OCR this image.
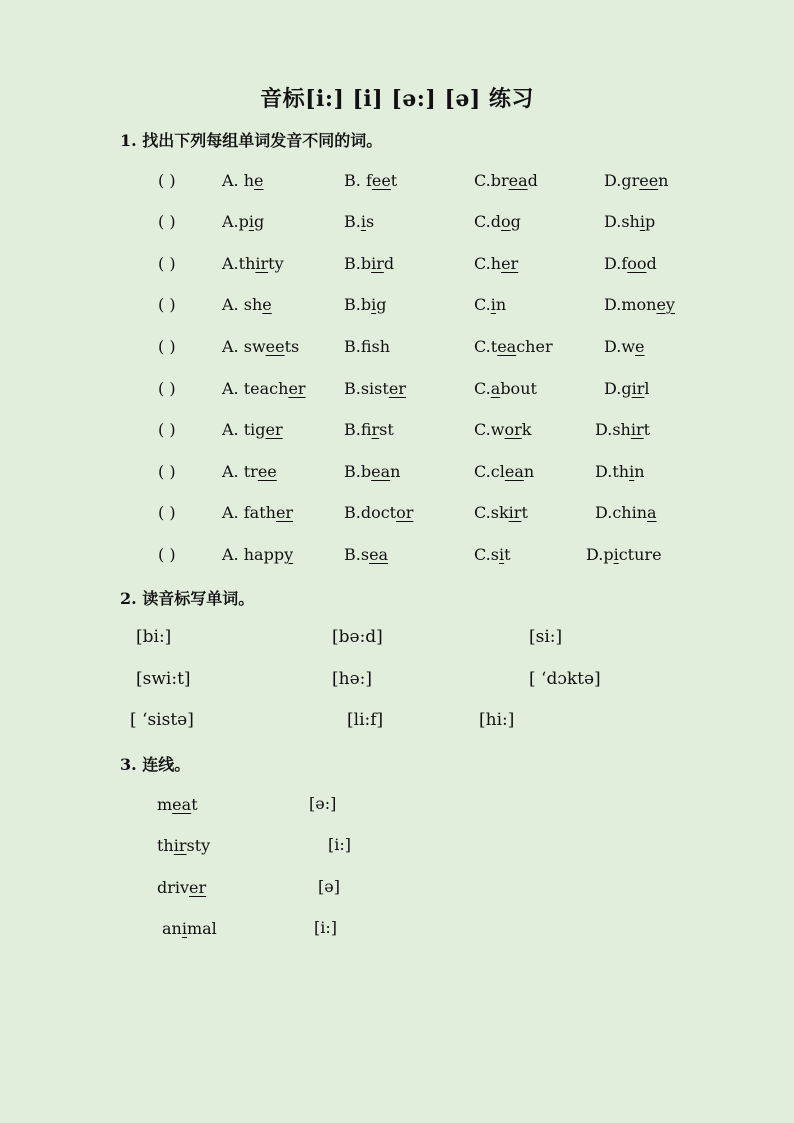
音标[i:] [i] [ə:] [ə] 练习
1. 找出下列每组单词发音不同的词。
( )	A. he	B. feet	C.bread	D.green
( )	A.pig	B.is	C.dog	D.ship
( )	A.thirty	B.bird	C.her	D.food
( )	A. she	B.big	C.in	D.money
( )	A. sweets	B.fsh	C.teacher	D.we
( )	A. teacher B.sister	C.about	D.girl
( )	A. tiger	B.first	C.work	D.shirt
( )	A. tree	B.bean	C.clean	D.thin
( )	A. father	B.doctor	C.skirt	D.china
( )	A. happy	B.sea	C.sit	D.picture
2. 读音标写单词。
[bi:]	[bə:d]	[si:]
[swi:t]	[hə:]	[ ‘dɔktə]
[ ‘sistə]	[li:f]	[hi:]
3. 连线。
meat	[ə:]
thirsty	[i:]
driver	[ə]
animal	[i:]
